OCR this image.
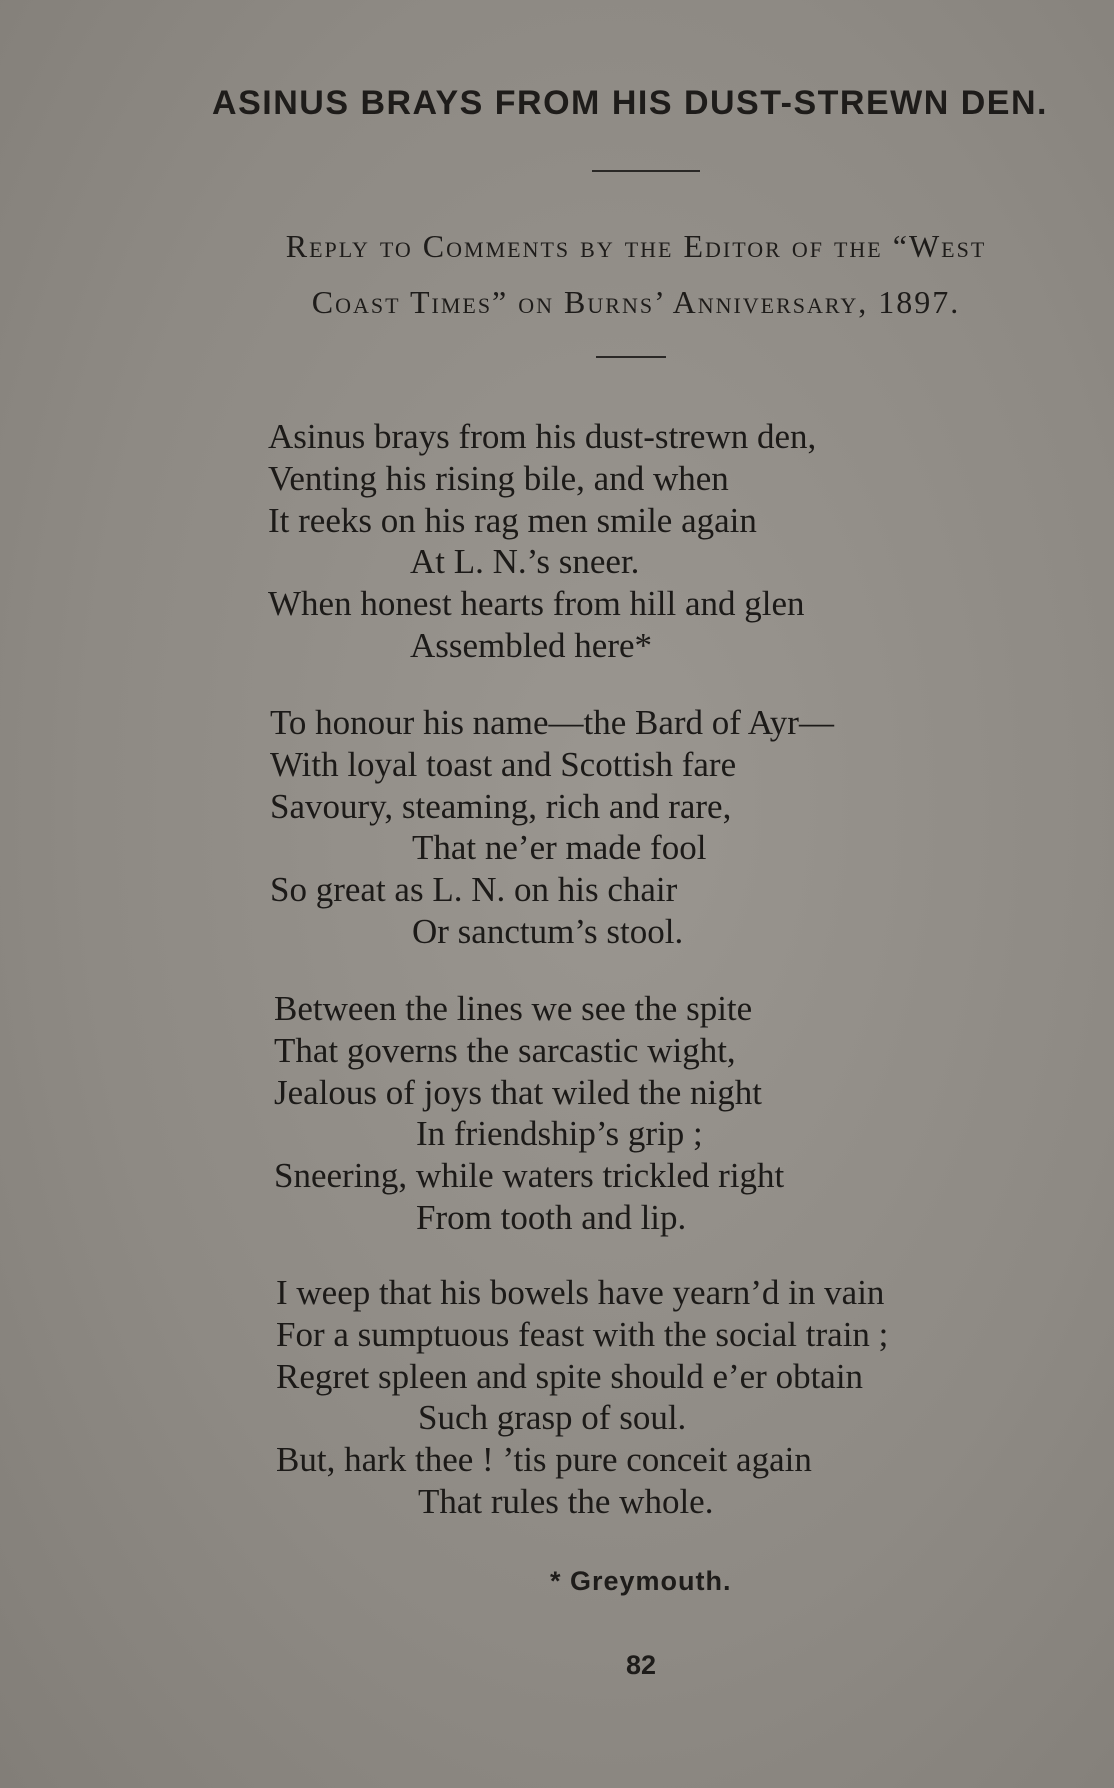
ASINUS BRAYS FROM HIS DUST-STREWN DEN.
Reply to Comments by the Editor of the “West
Coast Times” on Burns’ Anniversary, 1897.
Asinus brays from his dust-strewn den,
Venting his rising bile, and when
It reeks on his rag men smile again
At L. N.’s sneer.
When honest hearts from hill and glen
Assembled here*
To honour his name—the Bard of Ayr—
With loyal toast and Scottish fare
Savoury, steaming, rich and rare,
That ne’er made fool
So great as L. N. on his chair
Or sanctum’s stool.
Between the lines we see the spite
That governs the sarcastic wight,
Jealous of joys that wiled the night
In friendship’s grip ;
Sneering, while waters trickled right
From tooth and lip.
I weep that his bowels have yearn’d in vain
For a sumptuous feast with the social train ;
Regret spleen and spite should e’er obtain
Such grasp of soul.
But, hark thee ! ’tis pure conceit again
That rules the whole.
* Greymouth.
82
